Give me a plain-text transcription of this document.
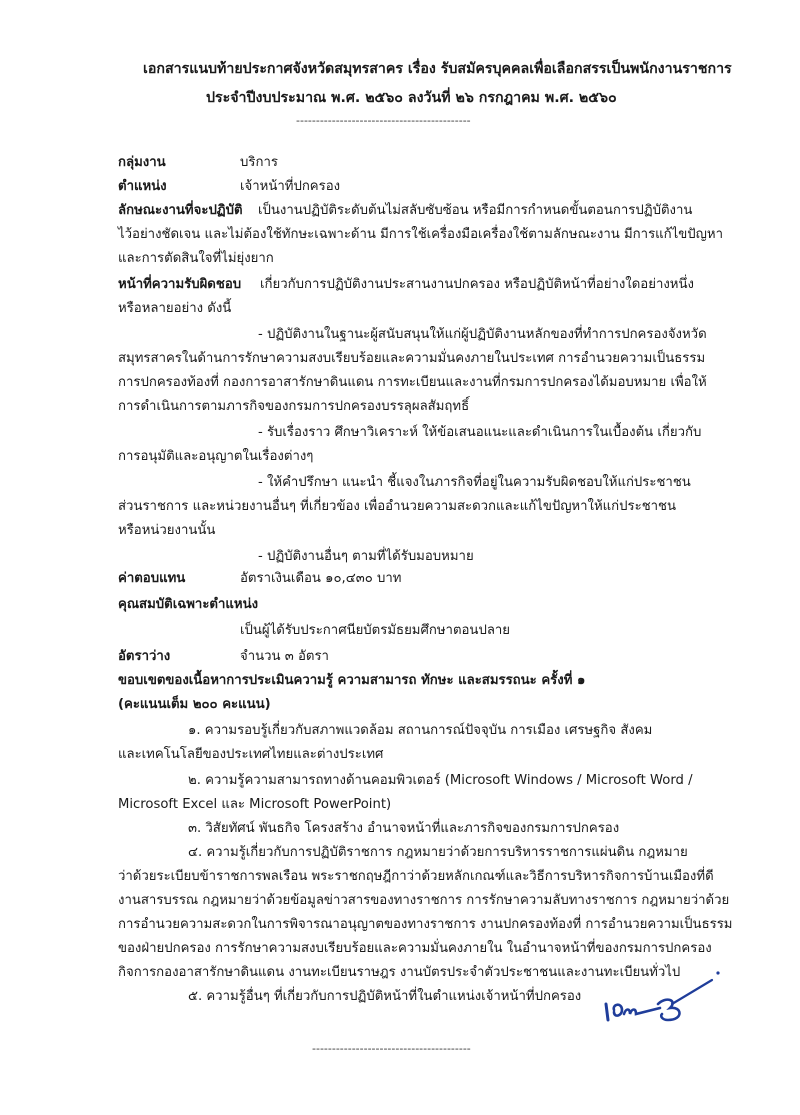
เอกสารแนบท้ายประกาศจังหวัดสมุทรสาคร เรื่อง รับสมัครบุคคลเพื่อเลือกสรรเป็นพนักงานราชการ
ประจำปีงบประมาณ พ.ศ. ๒๕๖๐ ลงวันที่ ๒๖ กรกฎาคม พ.ศ. ๒๕๖๐
--------------------------------------------
กลุ่มงาน	บริการ
ตำแหน่ง	เจ้าหน้าที่ปกครอง
ลักษณะงานที่จะปฏิบัติ เป็นงานปฏิบัติระดับต้นไม่สลับซับซ้อน หรือมีการกำหนดขั้นตอนการปฏิบัติงาน
ไว้อย่างชัดเจน และไม่ต้องใช้ทักษะเฉพาะด้าน มีการใช้เครื่องมือเครื่องใช้ตามลักษณะงาน มีการแก้ไขปัญหา
และการตัดสินใจที่ไม่ยุ่งยาก
หน้าที่ความรับผิดชอบ เกี่ยวกับการปฏิบัติงานประสานงานปกครอง หรือปฏิบัติหน้าที่อย่างใดอย่างหนึ่ง
หรือหลายอย่าง ดังนี้
- ปฏิบัติงานในฐานะผู้สนับสนุนให้แก่ผู้ปฏิบัติงานหลักของที่ทำการปกครองจังหวัด
สมุทรสาครในด้านการรักษาความสงบเรียบร้อยและความมั่นคงภายในประเทศ การอำนวยความเป็นธรรม
การปกครองท้องที่ กองการอาสารักษาดินแดน การทะเบียนและงานที่กรมการปกครองได้มอบหมาย เพื่อให้
การดำเนินการตามภารกิจของกรมการปกครองบรรลุผลสัมฤทธิ์
- รับเรื่องราว ศึกษาวิเคราะห์ ให้ข้อเสนอแนะและดำเนินการในเบื้องต้น เกี่ยวกับ
การอนุมัติและอนุญาตในเรื่องต่างๆ
- ให้คำปรึกษา แนะนำ ชี้แจงในภารกิจที่อยู่ในความรับผิดชอบให้แก่ประชาชน
ส่วนราชการ และหน่วยงานอื่นๆ ที่เกี่ยวข้อง เพื่ออำนวยความสะดวกและแก้ไขปัญหาให้แก่ประชาชน
หรือหน่วยงานนั้น
- ปฏิบัติงานอื่นๆ ตามที่ได้รับมอบหมาย
ค่าตอบแทน	อัตราเงินเดือน ๑๐,๔๓๐ บาท
คุณสมบัติเฉพาะตำแหน่ง
เป็นผู้ได้รับประกาศนียบัตรมัธยมศึกษาตอนปลาย
อัตราว่าง	จำนวน ๓ อัตรา
ขอบเขตของเนื้อหาการประเมินความรู้ ความสามารถ ทักษะ และสมรรถนะ ครั้งที่ ๑
(คะแนนเต็ม ๒๐๐ คะแนน)
๑. ความรอบรู้เกี่ยวกับสภาพแวดล้อม สถานการณ์ปัจจุบัน การเมือง เศรษฐกิจ สังคม
และเทคโนโลยีของประเทศไทยและต่างประเทศ
๒. ความรู้ความสามารถทางด้านคอมพิวเตอร์ (Microsoft Windows / Microsoft Word /
Microsoft Excel และ Microsoft PowerPoint)
๓. วิสัยทัศน์ พันธกิจ โครงสร้าง อำนาจหน้าที่และภารกิจของกรมการปกครอง
๔. ความรู้เกี่ยวกับการปฏิบัติราชการ กฎหมายว่าด้วยการบริหารราชการแผ่นดิน กฎหมาย
ว่าด้วยระเบียบข้าราชการพลเรือน พระราชกฤษฎีกาว่าด้วยหลักเกณฑ์และวิธีการบริหารกิจการบ้านเมืองที่ดี
งานสารบรรณ กฎหมายว่าด้วยข้อมูลข่าวสารของทางราชการ การรักษาความลับทางราชการ กฎหมายว่าด้วย
การอำนวยความสะดวกในการพิจารณาอนุญาตของทางราชการ งานปกครองท้องที่ การอำนวยความเป็นธรรม
ของฝ่ายปกครอง การรักษาความสงบเรียบร้อยและความมั่นคงภายใน ในอำนาจหน้าที่ของกรมการปกครอง
กิจการกองอาสารักษาดินแดน งานทะเบียนราษฎร งานบัตรประจำตัวประชาชนและงานทะเบียนทั่วไป
๕. ความรู้อื่นๆ ที่เกี่ยวกับการปฏิบัติหน้าที่ในตำแหน่งเจ้าหน้าที่ปกครอง
----------------------------------------
